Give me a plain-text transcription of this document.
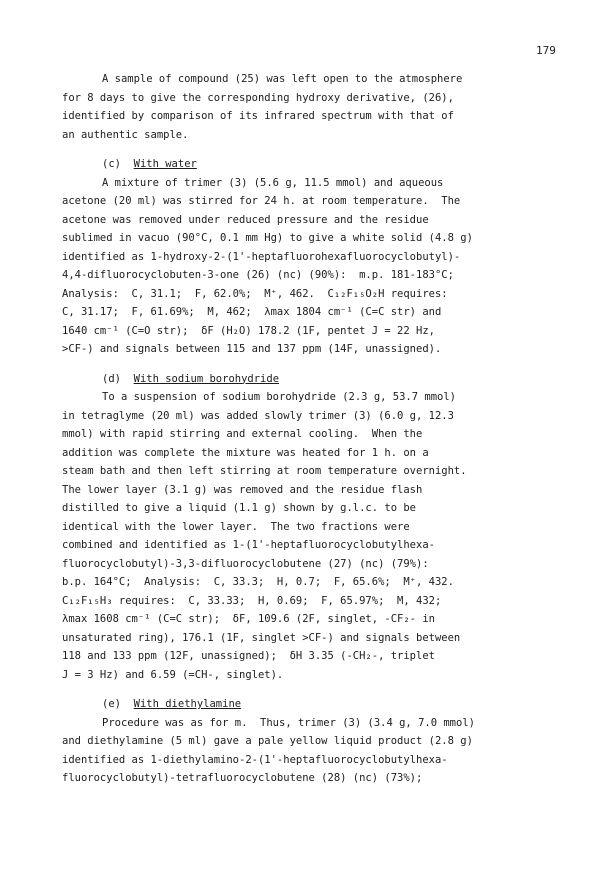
179
A sample of compound (25) was left open to the atmosphere
for 8 days to give the corresponding hydroxy derivative, (26),
identified by comparison of its infrared spectrum with that of
an authentic sample.
(c) With water
A mixture of trimer (3) (5.6 g, 11.5 mmol) and aqueous
acetone (20 ml) was stirred for 24 h. at room temperature.  The
acetone was removed under reduced pressure and the residue
sublimed in vacuo (90°C, 0.1 mm Hg) to give a white solid (4.8 g)
identified as 1-hydroxy-2-(1'-heptafluorohexafluorocyclobutyl)-
4,4-difluorocyclobuten-3-one (26) (nc) (90%):  m.p. 181-183°C;
Analysis:  C, 31.1;  F, 62.0%;  M⁺, 462.  C₁₂F₁₅O₂H requires:
C, 31.17;  F, 61.69%;  M, 462;  λmax 1804 cm⁻¹ (C=C str) and
1640 cm⁻¹ (C=O str);  δF (H₂O) 178.2 (1F, pentet J = 22 Hz,
>CF-) and signals between 115 and 137 ppm (14F, unassigned).
(d) With sodium borohydride
To a suspension of sodium borohydride (2.3 g, 53.7 mmol)
in tetraglyme (20 ml) was added slowly trimer (3) (6.0 g, 12.3
mmol) with rapid stirring and external cooling.  When the
addition was complete the mixture was heated for 1 h. on a
steam bath and then left stirring at room temperature overnight.
The lower layer (3.1 g) was removed and the residue flash
distilled to give a liquid (1.1 g) shown by g.l.c. to be
identical with the lower layer.  The two fractions were
combined and identified as 1-(1'-heptafluorocyclobutylhexa-
fluorocyclobutyl)-3,3-difluorocyclobutene (27) (nc) (79%):
b.p. 164°C;  Analysis:  C, 33.3;  H, 0.7;  F, 65.6%;  M⁺, 432.
C₁₂F₁₅H₃ requires:  C, 33.33;  H, 0.69;  F, 65.97%;  M, 432;
λmax 1608 cm⁻¹ (C=C str);  δF, 109.6 (2F, singlet, -CF₂- in
unsaturated ring), 176.1 (1F, singlet >CF-) and signals between
118 and 133 ppm (12F, unassigned);  δH 3.35 (-CH₂-, triplet
J = 3 Hz) and 6.59 (=CH-, singlet).
(e) With diethylamine
Procedure was as for m.  Thus, trimer (3) (3.4 g, 7.0 mmol)
and diethylamine (5 ml) gave a pale yellow liquid product (2.8 g)
identified as 1-diethylamino-2-(1'-heptafluorocyclobutylhexa-
fluorocyclobutyl)-tetrafluorocyclobutene (28) (nc) (73%);
